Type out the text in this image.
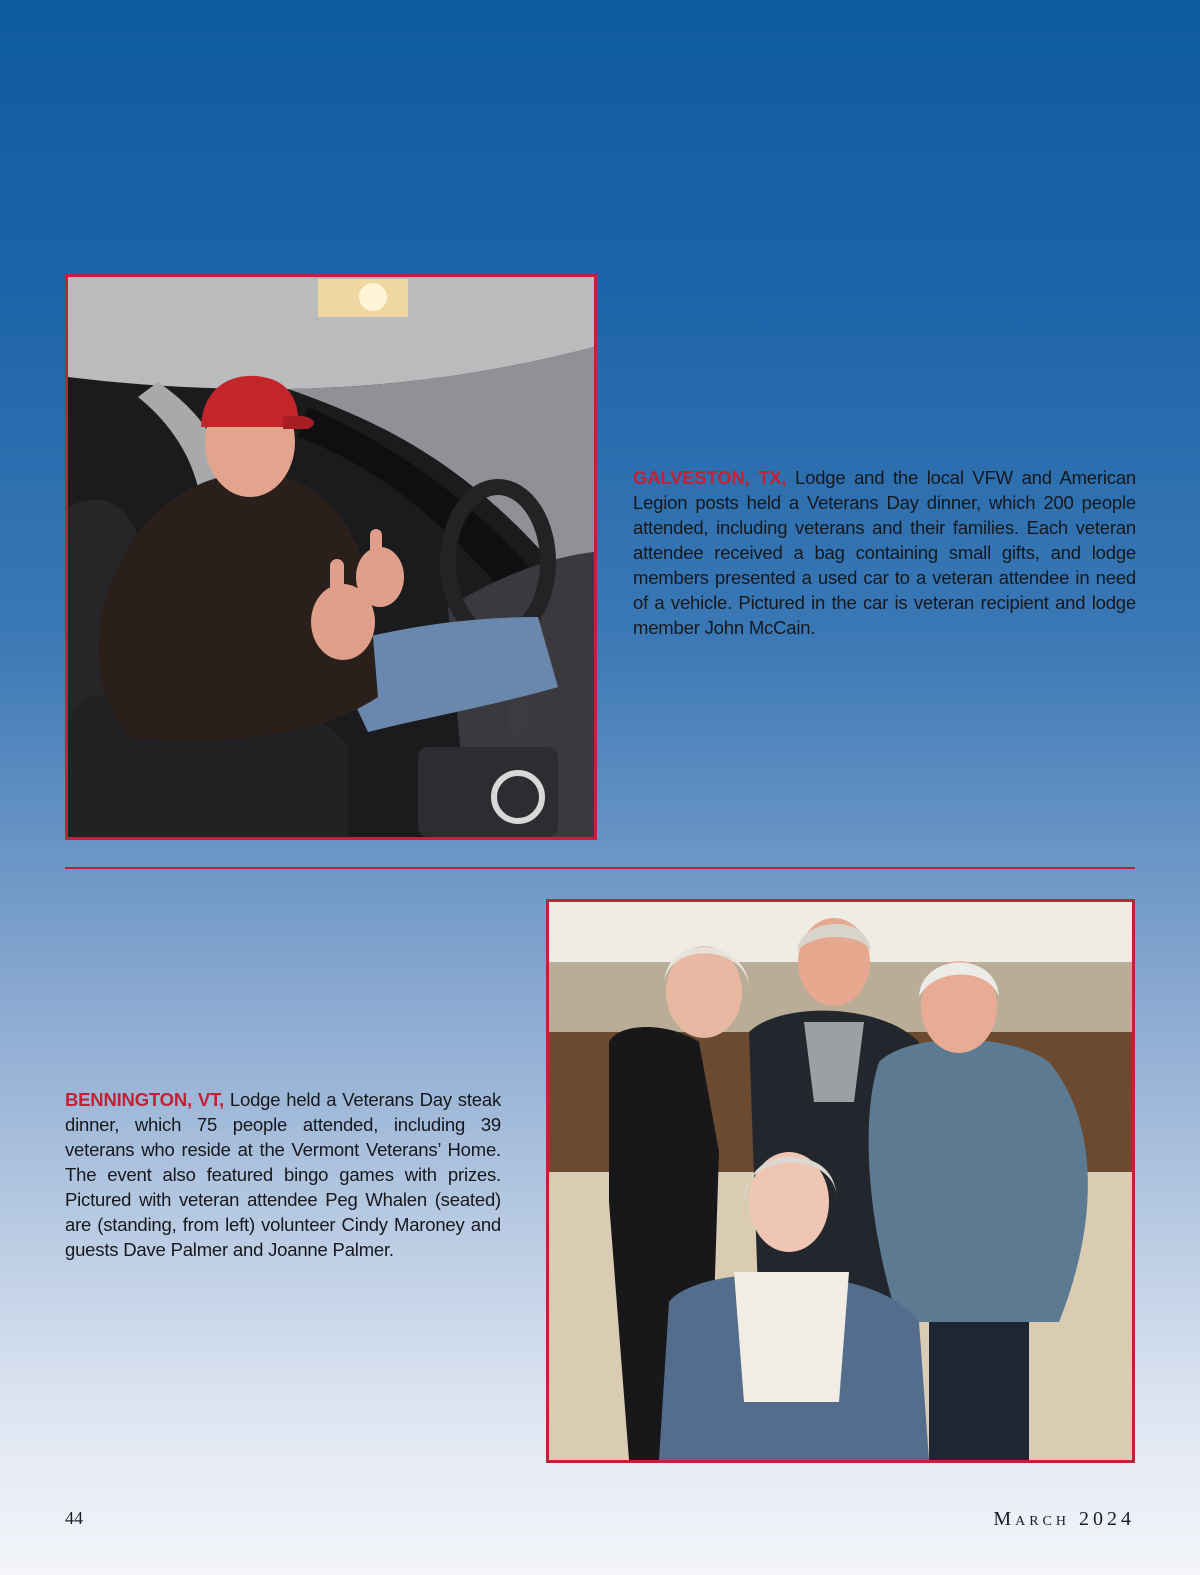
GALVESTON, TX, Lodge and the local VFW and American Legion posts held a Veterans Day dinner, which 200 people attended, including veterans and their families. Each veteran attendee received a bag containing small gifts, and lodge members presented a used car to a veteran attendee in need of a vehicle. Pictured in the car is veteran recipient and lodge member John McCain.
BENNINGTON, VT, Lodge held a Veterans Day steak dinner, which 75 people attended, including 39 veterans who reside at the Vermont Veterans’ Home. The event also featured bingo games with prizes. Pictured with veteran attendee Peg Whalen (seated) are (standing, from left) volunteer Cindy Maroney and guests Dave Palmer and Joanne Palmer.
44	March 2024
